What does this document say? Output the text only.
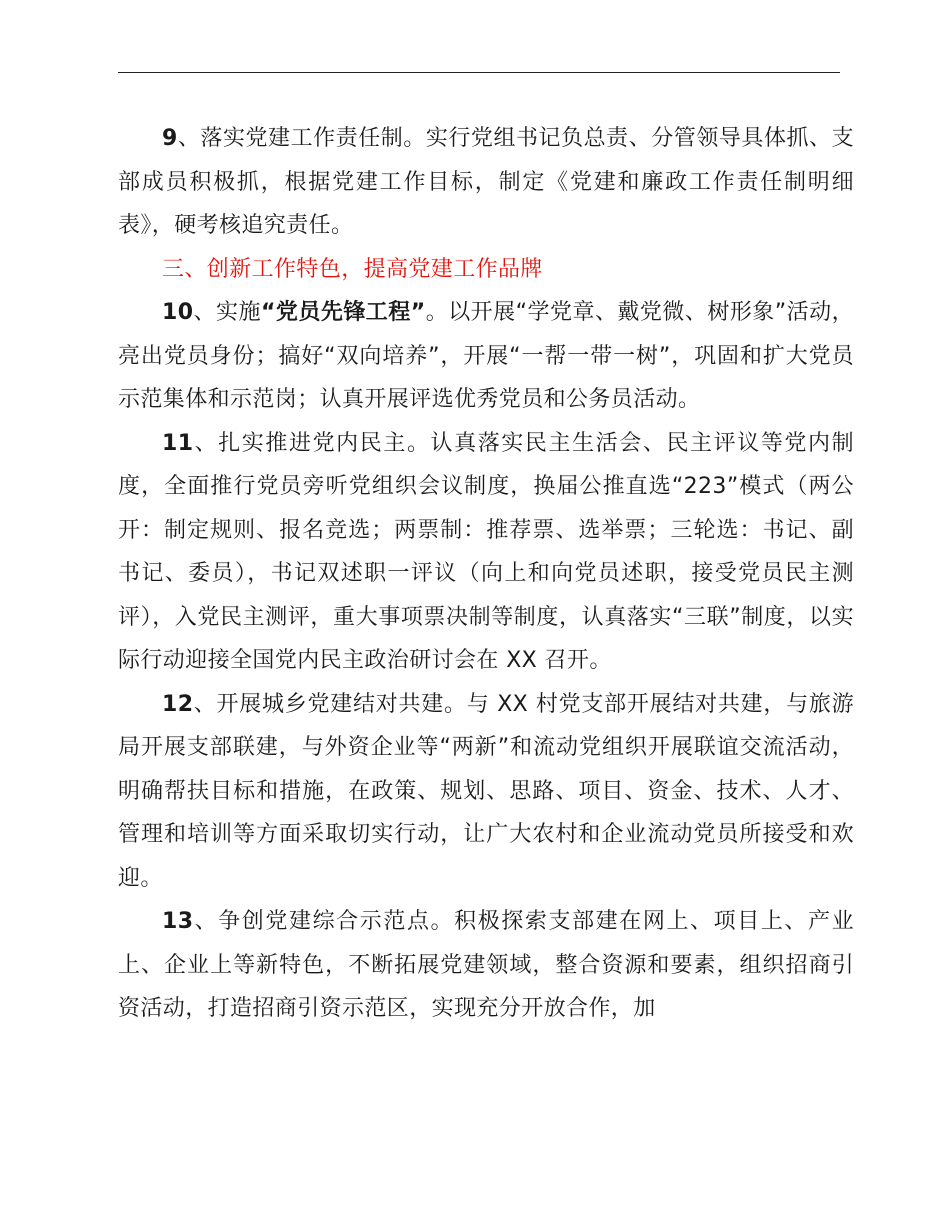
9、落实党建工作责任制。实行党组书记负总责、分管领导具体抓、支部成员积极抓，根据党建工作目标，制定《党建和廉政工作责任制明细表》，硬考核追究责任。

三、创新工作特色，提高党建工作品牌

10、实施“党员先锋工程”。以开展“学党章、戴党微、树形象”活动，亮出党员身份；搞好“双向培养”，开展“一帮一带一树”，巩固和扩大党员示范集体和示范岗；认真开展评选优秀党员和公务员活动。

11、扎实推进党内民主。认真落实民主生活会、民主评议等党内制度，全面推行党员旁听党组织会议制度，换届公推直选“223”模式（两公开：制定规则、报名竞选；两票制：推荐票、选举票；三轮选：书记、副书记、委员），书记双述职一评议（向上和向党员述职，接受党员民主测评），入党民主测评，重大事项票决制等制度，认真落实“三联”制度，以实际行动迎接全国党内民主政治研讨会在 XX 召开。

12、开展城乡党建结对共建。与 XX 村党支部开展结对共建，与旅游局开展支部联建，与外资企业等“两新”和流动党组织开展联谊交流活动，明确帮扶目标和措施，在政策、规划、思路、项目、资金、技术、人才、管理和培训等方面采取切实行动，让广大农村和企业流动党员所接受和欢迎。

13、争创党建综合示范点。积极探索支部建在网上、项目上、产业上、企业上等新特色，不断拓展党建领域，整合资源和要素，组织招商引资活动，打造招商引资示范区，实现充分开放合作，加
